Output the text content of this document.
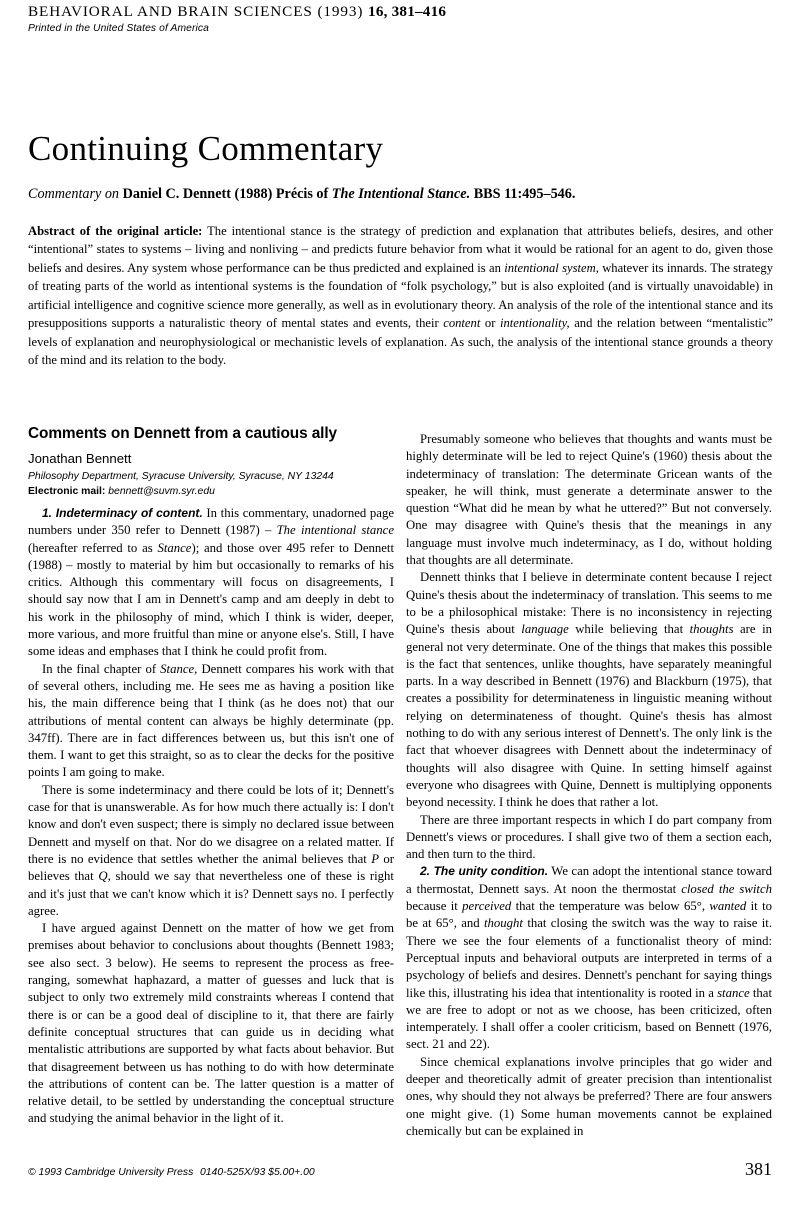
BEHAVIORAL AND BRAIN SCIENCES (1993) 16, 381–416
Printed in the United States of America
Continuing Commentary
Commentary on Daniel C. Dennett (1988) Précis of The Intentional Stance. BBS 11:495–546.
Abstract of the original article: The intentional stance is the strategy of prediction and explanation that attributes beliefs, desires, and other “intentional” states to systems – living and nonliving – and predicts future behavior from what it would be rational for an agent to do, given those beliefs and desires. Any system whose performance can be thus predicted and explained is an intentional system, whatever its innards. The strategy of treating parts of the world as intentional systems is the foundation of “folk psychology,” but is also exploited (and is virtually unavoidable) in artificial intelligence and cognitive science more generally, as well as in evolutionary theory. An analysis of the role of the intentional stance and its presuppositions supports a naturalistic theory of mental states and events, their content or intentionality, and the relation between “mentalistic” levels of explanation and neurophysiological or mechanistic levels of explanation. As such, the analysis of the intentional stance grounds a theory of the mind and its relation to the body.
Comments on Dennett from a cautious ally
Jonathan Bennett
Philosophy Department, Syracuse University, Syracuse, NY 13244
Electronic mail: bennett@suvm.syr.edu

1. Indeterminacy of content. In this commentary, unadorned page numbers under 350 refer to Dennett (1987) – The intentional stance (hereafter referred to as Stance); and those over 495 refer to Dennett (1988) – mostly to material by him but occasionally to remarks of his critics. Although this commentary will focus on disagreements, I should say now that I am in Dennett's camp and am deeply in debt to his work in the philosophy of mind, which I think is wider, deeper, more various, and more fruitful than mine or anyone else's. Still, I have some ideas and emphases that I think he could profit from.

In the final chapter of Stance, Dennett compares his work with that of several others, including me. He sees me as having a position like his, the main difference being that I think (as he does not) that our attributions of mental content can always be highly determinate (pp. 347ff). There are in fact differences between us, but this isn't one of them. I want to get this straight, so as to clear the decks for the positive points I am going to make.

There is some indeterminacy and there could be lots of it; Dennett's case for that is unanswerable. As for how much there actually is: I don't know and don't even suspect; there is simply no declared issue between Dennett and myself on that. Nor do we disagree on a related matter. If there is no evidence that settles whether the animal believes that P or believes that Q, should we say that nevertheless one of these is right and it's just that we can't know which it is? Dennett says no. I perfectly agree.

I have argued against Dennett on the matter of how we get from premises about behavior to conclusions about thoughts (Bennett 1983; see also sect. 3 below). He seems to represent the process as free-ranging, somewhat haphazard, a matter of guesses and luck that is subject to only two extremely mild constraints whereas I contend that there is or can be a good deal of discipline to it, that there are fairly definite conceptual structures that can guide us in deciding what mentalistic attributions are supported by what facts about behavior. But that disagreement between us has nothing to do with how determinate the attributions of content can be. The latter question is a matter of relative detail, to be settled by understanding the conceptual structure and studying the animal behavior in the light of it.

Presumably someone who believes that thoughts and wants must be highly determinate will be led to reject Quine's (1960) thesis about the indeterminacy of translation: The determinate Gricean wants of the speaker, he will think, must generate a determinate answer to the question “What did he mean by what he uttered?” But not conversely. One may disagree with Quine's thesis that the meanings in any language must involve much indeterminacy, as I do, without holding that thoughts are all determinate.

Dennett thinks that I believe in determinate content because I reject Quine's thesis about the indeterminacy of translation. This seems to me to be a philosophical mistake: There is no inconsistency in rejecting Quine's thesis about language while believing that thoughts are in general not very determinate. One of the things that makes this possible is the fact that sentences, unlike thoughts, have separately meaningful parts. In a way described in Bennett (1976) and Blackburn (1975), that creates a possibility for determinateness in linguistic meaning without relying on determinateness of thought. Quine's thesis has almost nothing to do with any serious interest of Dennett's. The only link is the fact that whoever disagrees with Dennett about the indeterminacy of thoughts will also disagree with Quine. In setting himself against everyone who disagrees with Quine, Dennett is multiplying opponents beyond necessity. I think he does that rather a lot.

There are three important respects in which I do part company from Dennett's views or procedures. I shall give two of them a section each, and then turn to the third.

2. The unity condition. We can adopt the intentional stance toward a thermostat, Dennett says. At noon the thermostat closed the switch because it perceived that the temperature was below 65°, wanted it to be at 65°, and thought that closing the switch was the way to raise it. There we see the four elements of a functionalist theory of mind: Perceptual inputs and behavioral outputs are interpreted in terms of a psychology of beliefs and desires. Dennett's penchant for saying things like this, illustrating his idea that intentionality is rooted in a stance that we are free to adopt or not as we choose, has been criticized, often intemperately. I shall offer a cooler criticism, based on Bennett (1976, sect. 21 and 22).

Since chemical explanations involve principles that go wider and deeper and theoretically admit of greater precision than intentionalist ones, why should they not always be preferred? There are four answers one might give. (1) Some human movements cannot be explained chemically but can be explained in

© 1993 Cambridge University Press 0140-525X/93 $5.00+.00	381
